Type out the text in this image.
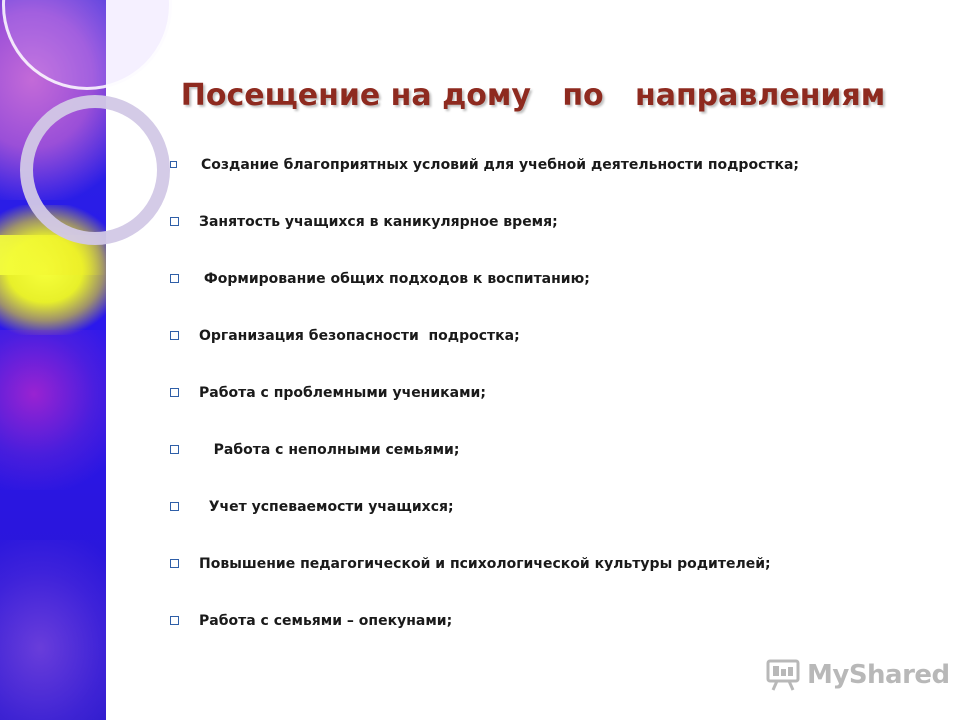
Посещение на дому   по   направлениям
Создание благоприятных условий для учебной деятельности подростка;
Занятость учащихся в каникулярное время;
Формирование общих подходов к воспитанию;
Организация безопасности  подростка;
Работа с проблемными учениками;
Работа с неполными семьями;
Учет успеваемости учащихся;
Повышение педагогической и психологической культуры родителей;
Работа с семьями – опекунами;
MyShared
